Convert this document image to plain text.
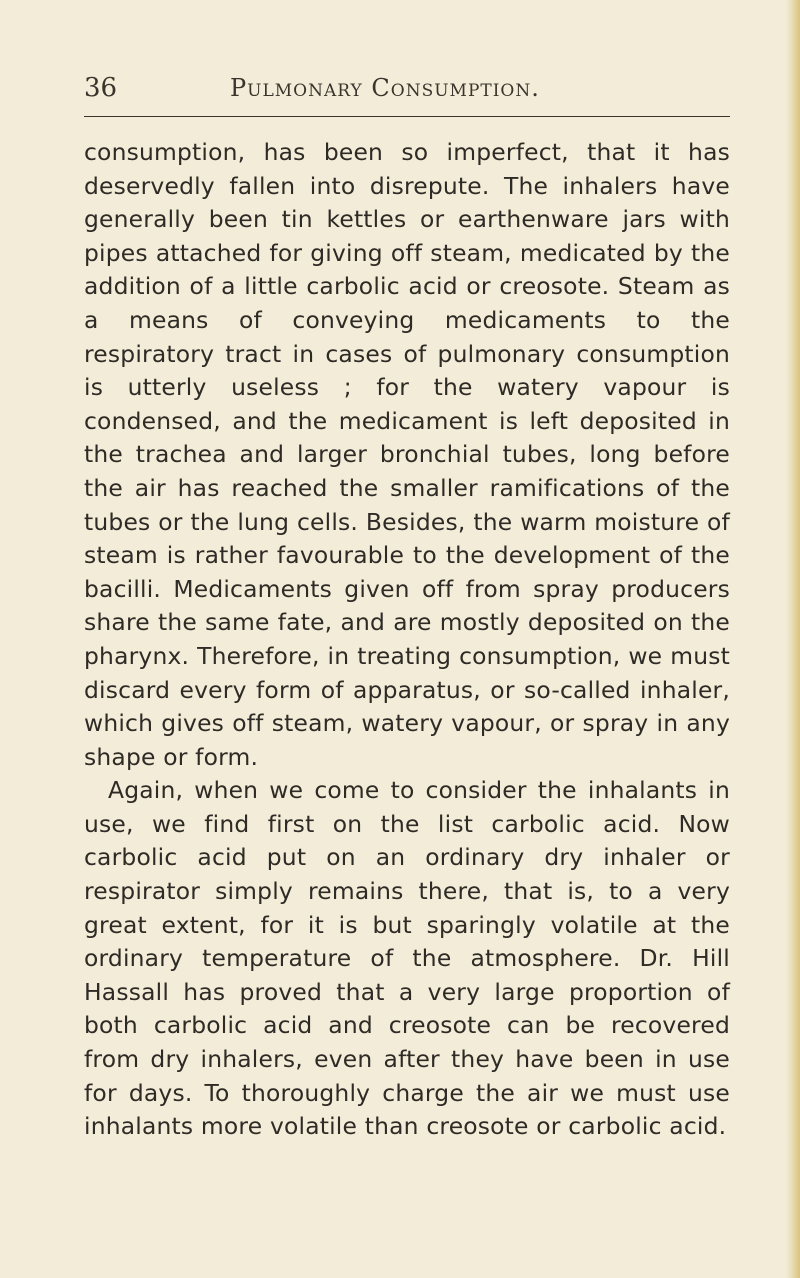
36	Pulmonary Consumption.

consumption, has been so imperfect, that it has deservedly fallen into disrepute. The inhalers have generally been tin kettles or earthenware jars with pipes attached for giving off steam, medicated by the addition of a little carbolic acid or creosote. Steam as a means of conveying medicaments to the respiratory tract in cases of pulmonary consumption is utterly useless ; for the watery vapour is condensed, and the medicament is left deposited in the trachea and larger bronchial tubes, long before the air has reached the smaller ramifications of the tubes or the lung cells. Besides, the warm moisture of steam is rather favourable to the development of the bacilli. Medicaments given off from spray producers share the same fate, and are mostly deposited on the pharynx. Therefore, in treating consumption, we must discard every form of apparatus, or so-called inhaler, which gives off steam, watery vapour, or spray in any shape or form.

Again, when we come to consider the inhalants in use, we find first on the list carbolic acid. Now carbolic acid put on an ordinary dry inhaler or respirator simply remains there, that is, to a very great extent, for it is but sparingly volatile at the ordinary temperature of the atmosphere. Dr. Hill Hassall has proved that a very large proportion of both carbolic acid and creosote can be recovered from dry inhalers, even after they have been in use for days. To thoroughly charge the air we must use inhalants more volatile than creosote or carbolic acid.
